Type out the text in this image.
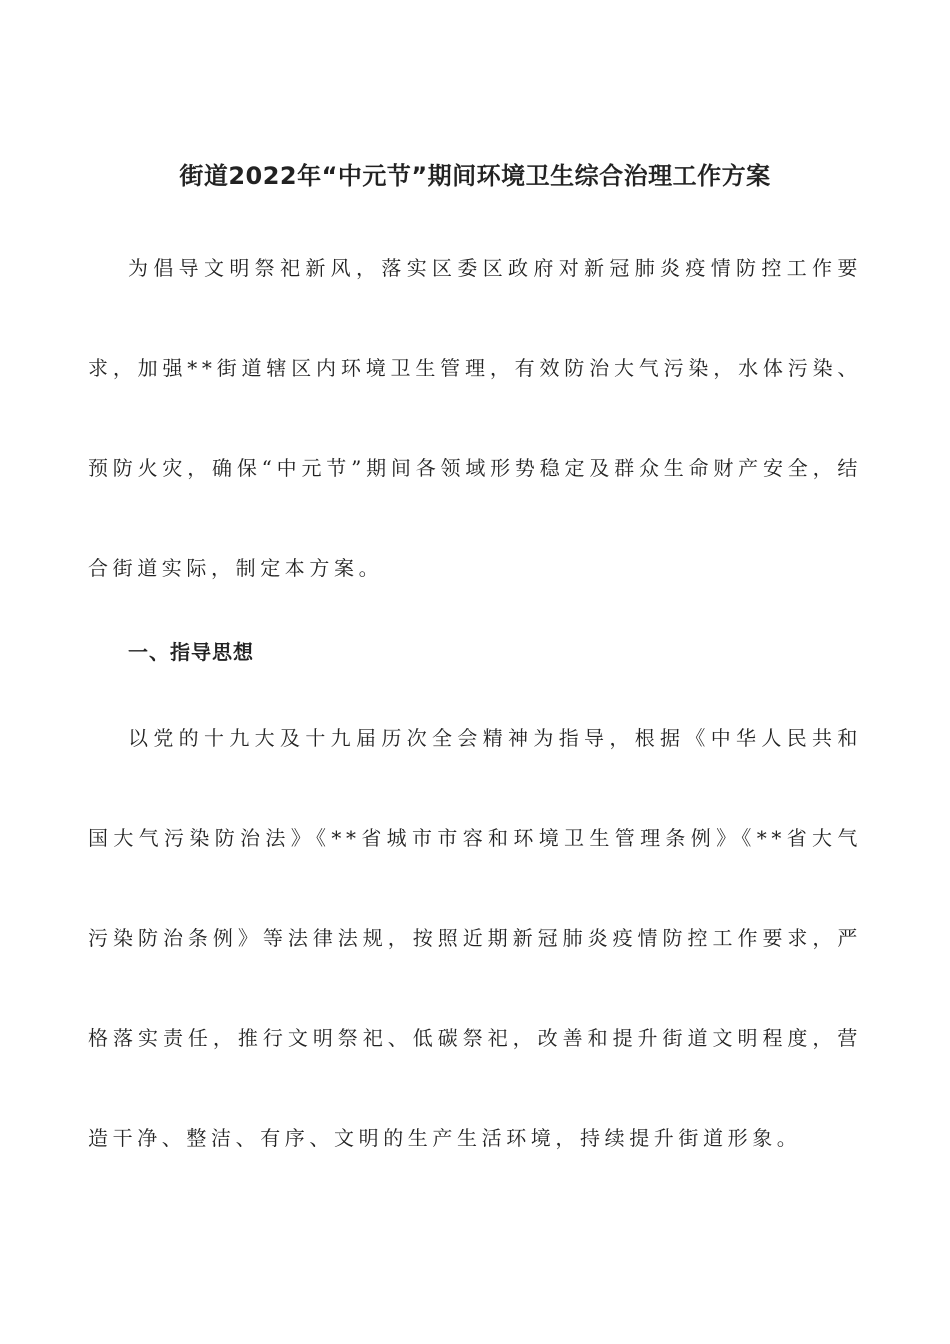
街道2022年“中元节”期间环境卫生综合治理工作方案

为倡导文明祭祀新风，落实区委区政府对新冠肺炎疫情防控工作要求，加强**街道辖区内环境卫生管理，有效防治大气污染，水体污染、预防火灾，确保“中元节”期间各领域形势稳定及群众生命财产安全，结合街道实际，制定本方案。

一、指导思想

以党的十九大及十九届历次全会精神为指导，根据《中华人民共和国大气污染防治法》《**省城市市容和环境卫生管理条例》《**省大气污染防治条例》等法律法规，按照近期新冠肺炎疫情防控工作要求，严格落实责任，推行文明祭祀、低碳祭祀，改善和提升街道文明程度，营造干净、整洁、有序、文明的生产生活环境，持续提升街道形象。
